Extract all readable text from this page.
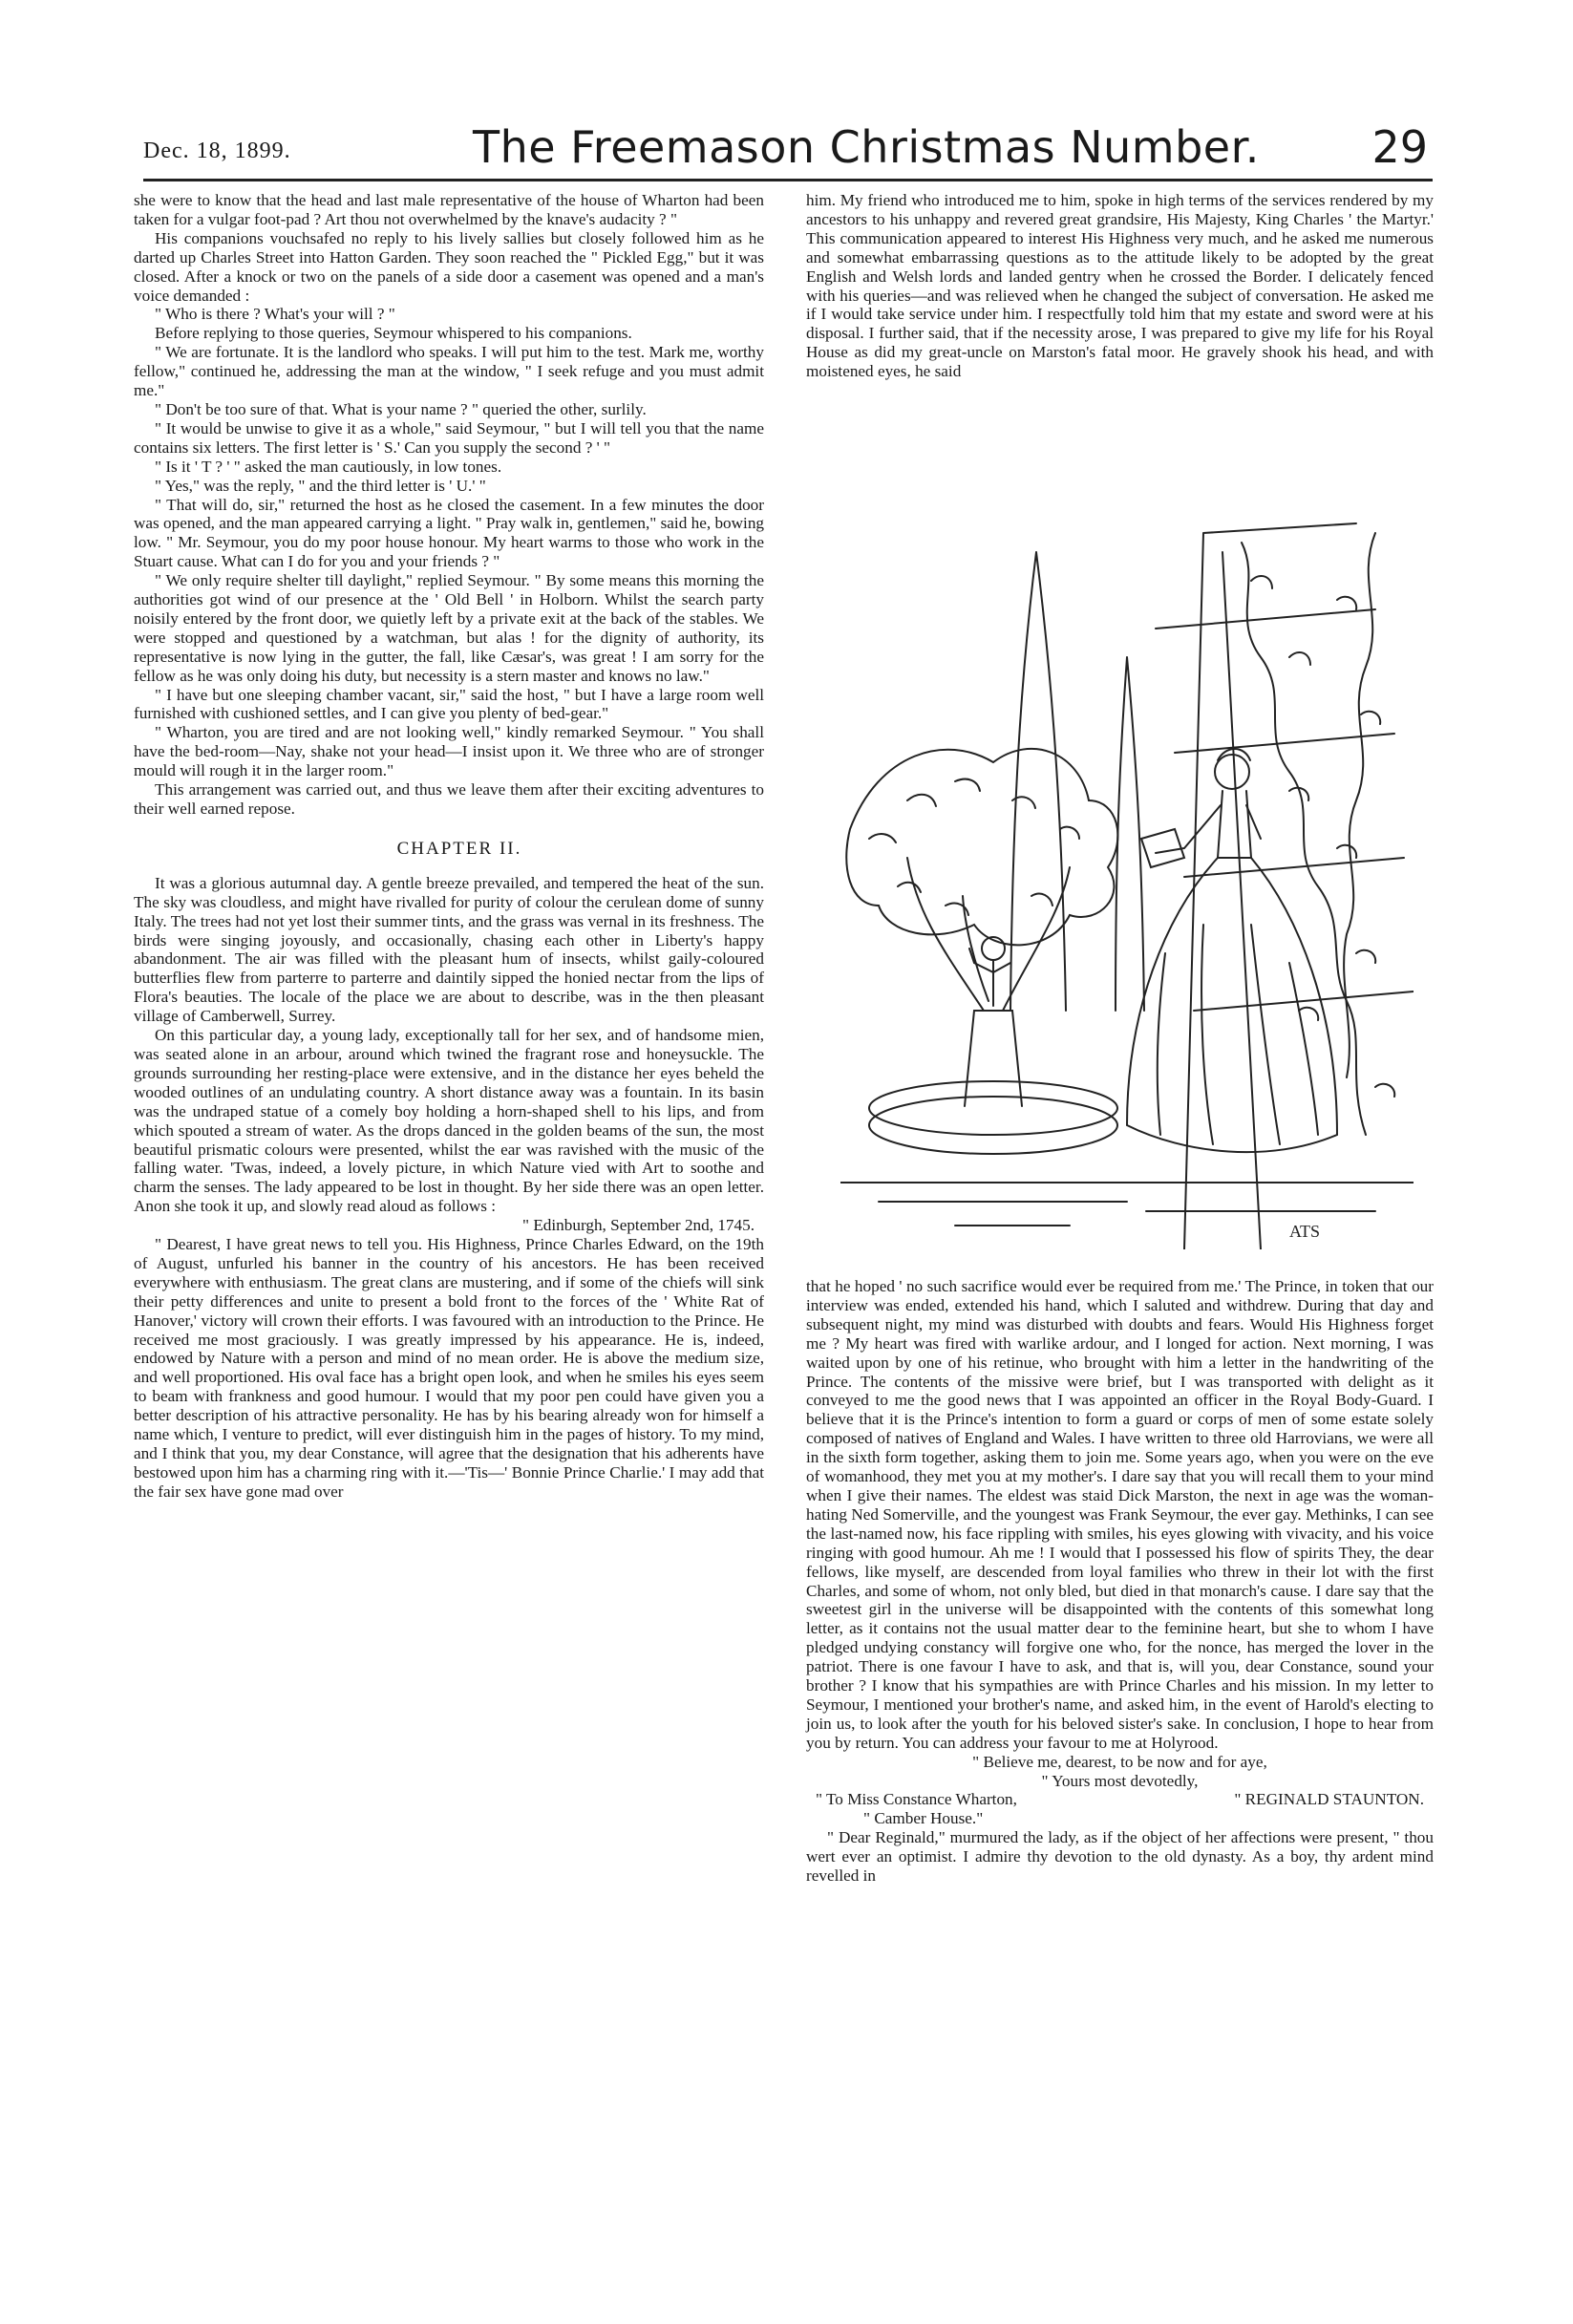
Dec. 18, 1899.	The Freemason Christmas Number.	29

she were to know that the head and last male representative of the house of Wharton had been taken for a vulgar foot-pad ? Art thou not overwhelmed by the knave's audacity ? "

His companions vouchsafed no reply to his lively sallies but closely followed him as he darted up Charles Street into Hatton Garden. They soon reached the " Pickled Egg," but it was closed. After a knock or two on the panels of a side door a casement was opened and a man's voice demanded :

" Who is there ? What's your will ? "

Before replying to those queries, Seymour whispered to his companions.

" We are fortunate. It is the landlord who speaks. I will put him to the test. Mark me, worthy fellow," continued he, addressing the man at the window, " I seek refuge and you must admit me."

" Don't be too sure of that. What is your name ? " queried the other, surlily.

" It would be unwise to give it as a whole," said Seymour, " but I will tell you that the name contains six letters. The first letter is ' S.' Can you supply the second ? ' "

" Is it ' T ? ' " asked the man cautiously, in low tones.

" Yes," was the reply, " and the third letter is ' U.' "

" That will do, sir," returned the host as he closed the casement. In a few minutes the door was opened, and the man appeared carrying a light. " Pray walk in, gentlemen," said he, bowing low. " Mr. Seymour, you do my poor house honour. My heart warms to those who work in the Stuart cause. What can I do for you and your friends ? "

" We only require shelter till daylight," replied Seymour. " By some means this morning the authorities got wind of our presence at the ' Old Bell ' in Holborn. Whilst the search party noisily entered by the front door, we quietly left by a private exit at the back of the stables. We were stopped and questioned by a watchman, but alas ! for the dignity of authority, its representative is now lying in the gutter, the fall, like Cæsar's, was great ! I am sorry for the fellow as he was only doing his duty, but necessity is a stern master and knows no law."

" I have but one sleeping chamber vacant, sir," said the host, " but I have a large room well furnished with cushioned settles, and I can give you plenty of bed-gear."

" Wharton, you are tired and are not looking well," kindly remarked Seymour. " You shall have the bed-room—Nay, shake not your head—I insist upon it. We three who are of stronger mould will rough it in the larger room."

This arrangement was carried out, and thus we leave them after their exciting adventures to their well earned repose.

CHAPTER II.

It was a glorious autumnal day. A gentle breeze prevailed, and tempered the heat of the sun. The sky was cloudless, and might have rivalled for purity of colour the cerulean dome of sunny Italy. The trees had not yet lost their summer tints, and the grass was vernal in its freshness. The birds were singing joyously, and occasionally, chasing each other in Liberty's happy abandonment. The air was filled with the pleasant hum of insects, whilst gaily-coloured butterflies flew from parterre to parterre and daintily sipped the honied nectar from the lips of Flora's beauties. The locale of the place we are about to describe, was in the then pleasant village of Camberwell, Surrey.

On this particular day, a young lady, exceptionally tall for her sex, and of handsome mien, was seated alone in an arbour, around which twined the fragrant rose and honeysuckle. The grounds surrounding her resting-place were extensive, and in the distance her eyes beheld the wooded outlines of an undulating country. A short distance away was a fountain. In its basin was the undraped statue of a comely boy holding a horn-shaped shell to his lips, and from which spouted a stream of water. As the drops danced in the golden beams of the sun, the most beautiful prismatic colours were presented, whilst the ear was ravished with the music of the falling water. 'Twas, indeed, a lovely picture, in which Nature vied with Art to soothe and charm the senses. The lady appeared to be lost in thought. By her side there was an open letter. Anon she took it up, and slowly read aloud as follows :

" Edinburgh, September 2nd, 1745.

" Dearest, I have great news to tell you. His Highness, Prince Charles Edward, on the 19th of August, unfurled his banner in the country of his ancestors. He has been received everywhere with enthusiasm. The great clans are mustering, and if some of the chiefs will sink their petty differences and unite to present a bold front to the forces of the ' White Rat of Hanover,' victory will crown their efforts. I was favoured with an introduction to the Prince. He received me most graciously. I was greatly impressed by his appearance. He is, indeed, endowed by Nature with a person and mind of no mean order. He is above the medium size, and well proportioned. His oval face has a bright open look, and when he smiles his eyes seem to beam with frankness and good humour. I would that my poor pen could have given you a better description of his attractive personality. He has by his bearing already won for himself a name which, I venture to predict, will ever distinguish him in the pages of history. To my mind, and I think that you, my dear Constance, will agree that the designation that his adherents have bestowed upon him has a charming ring with it.—'Tis—' Bonnie Prince Charlie.' I may add that the fair sex have gone mad over

him. My friend who introduced me to him, spoke in high terms of the services rendered by my ancestors to his unhappy and revered great grandsire, His Majesty, King Charles ' the Martyr.' This communication appeared to interest His Highness very much, and he asked me numerous and somewhat embarrassing questions as to the attitude likely to be adopted by the great English and Welsh lords and landed gentry when he crossed the Border. I delicately fenced with his queries—and was relieved when he changed the subject of conversation. He asked me if I would take service under him. I respectfully told him that my estate and sword were at his disposal. I further said, that if the necessity arose, I was prepared to give my life for his Royal House as did my great-uncle on Marston's fatal moor. He gravely shook his head, and with moistened eyes, he said

ATS

that he hoped ' no such sacrifice would ever be required from me.' The Prince, in token that our interview was ended, extended his hand, which I saluted and withdrew. During that day and subsequent night, my mind was disturbed with doubts and fears. Would His Highness forget me ? My heart was fired with warlike ardour, and I longed for action. Next morning, I was waited upon by one of his retinue, who brought with him a letter in the handwriting of the Prince. The contents of the missive were brief, but I was transported with delight as it conveyed to me the good news that I was appointed an officer in the Royal Body-Guard. I believe that it is the Prince's intention to form a guard or corps of men of some estate solely composed of natives of England and Wales. I have written to three old Harrovians, we were all in the sixth form together, asking them to join me. Some years ago, when you were on the eve of womanhood, they met you at my mother's. I dare say that you will recall them to your mind when I give their names. The eldest was staid Dick Marston, the next in age was the woman-hating Ned Somerville, and the youngest was Frank Seymour, the ever gay. Methinks, I can see the last-named now, his face rippling with smiles, his eyes glowing with vivacity, and his voice ringing with good humour. Ah me ! I would that I possessed his flow of spirits They, the dear fellows, like myself, are descended from loyal families who threw in their lot with the first Charles, and some of whom, not only bled, but died in that monarch's cause. I dare say that the sweetest girl in the universe will be disappointed with the contents of this somewhat long letter, as it contains not the usual matter dear to the feminine heart, but she to whom I have pledged undying constancy will forgive one who, for the nonce, has merged the lover in the patriot. There is one favour I have to ask, and that is, will you, dear Constance, sound your brother ? I know that his sympathies are with Prince Charles and his mission. In my letter to Seymour, I mentioned your brother's name, and asked him, in the event of Harold's electing to join us, to look after the youth for his beloved sister's sake. In conclusion, I hope to hear from you by return. You can address your favour to me at Holyrood.

" Believe me, dearest, to be now and for aye,

" Yours most devotedly,

" To Miss Constance Wharton,	" REGINALD STAUNTON.

" Camber House."

" Dear Reginald," murmured the lady, as if the object of her affections were present, " thou wert ever an optimist. I admire thy devotion to the old dynasty. As a boy, thy ardent mind revelled in
